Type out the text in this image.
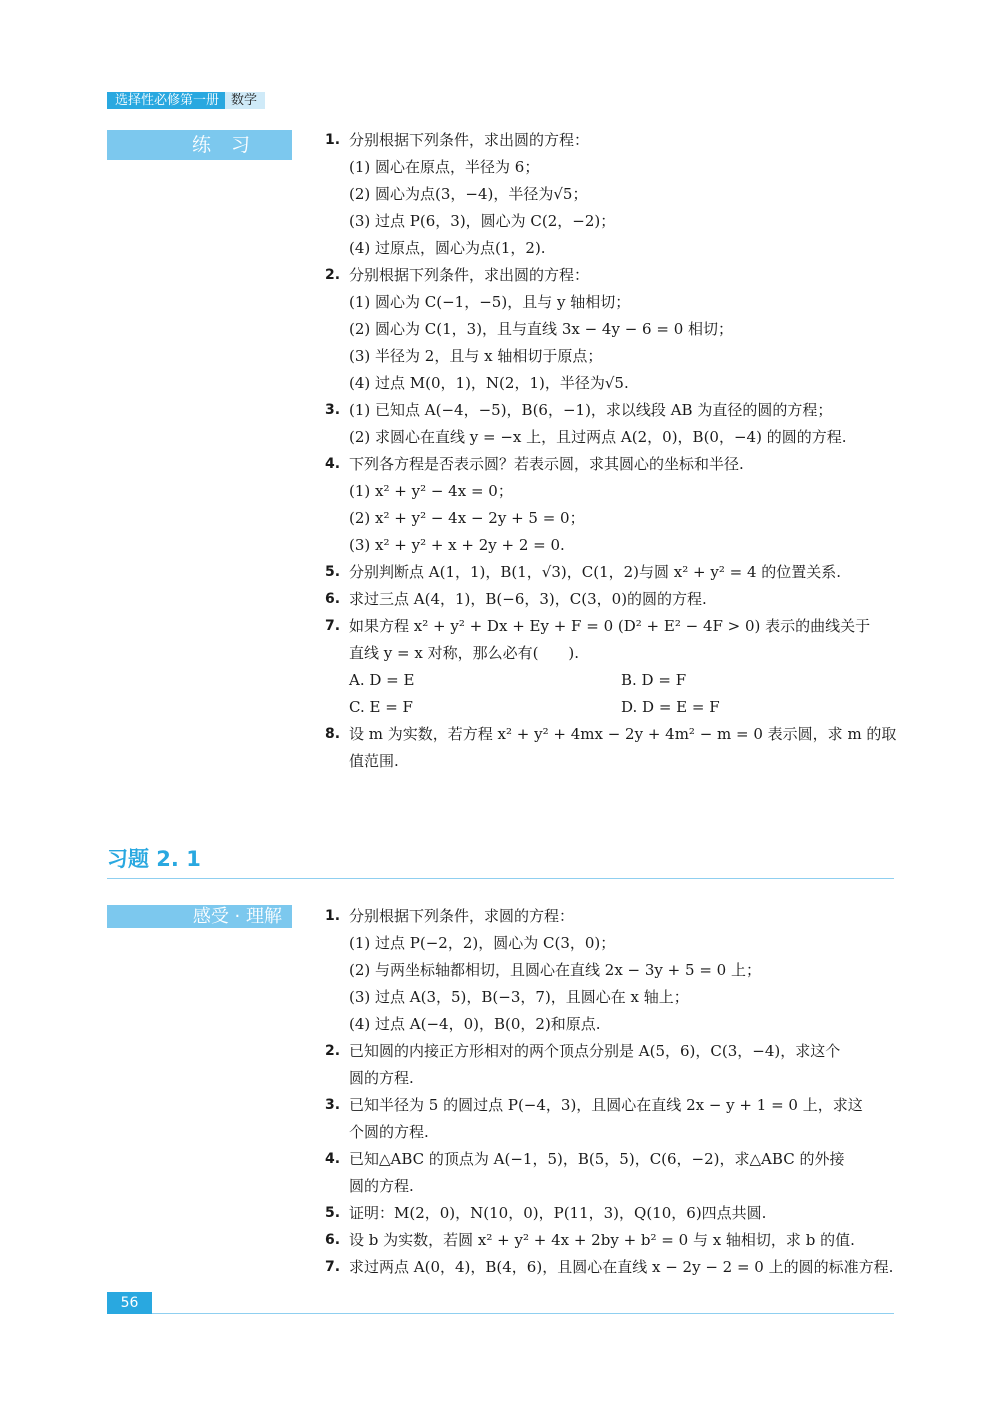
选择性必修第一册 数学
练习	1. 分别根据下列条件，求出圆的方程：
(1) 圆心在原点，半径为 6；
(2) 圆心为点(3，−4)，半径为√5；
(3) 过点 P(6，3)，圆心为 C(2，−2)；
(4) 过原点，圆心为点(1，2).
2. 分别根据下列条件，求出圆的方程：
(1) 圆心为 C(−1，−5)，且与 y 轴相切；
(2) 圆心为 C(1，3)，且与直线 3x − 4y − 6 = 0 相切；
(3) 半径为 2，且与 x 轴相切于原点；
(4) 过点 M(0，1)，N(2，1)，半径为√5.
3. (1) 已知点 A(−4，−5)，B(6，−1)，求以线段 AB 为直径的圆的方程；
(2) 求圆心在直线 y = −x 上，且过两点 A(2，0)，B(0，−4) 的圆的方程.
4. 下列各方程是否表示圆？若表示圆，求其圆心的坐标和半径.
(1) x² + y² − 4x = 0；
(2) x² + y² − 4x − 2y + 5 = 0；
(3) x² + y² + x + 2y + 2 = 0.
5. 分别判断点 A(1，1)，B(1，√3)，C(1，2)与圆 x² + y² = 4 的位置关系.
6. 求过三点 A(4，1)，B(−6，3)，C(3，0)的圆的方程.
7. 如果方程 x² + y² + Dx + Ey + F = 0 (D² + E² − 4F > 0) 表示的曲线关于
直线 y = x 对称，那么必有(　　).
A. D = E	B. D = F
C. E = F	D. D = E = F
8. 设 m 为实数，若方程 x² + y² + 4mx − 2y + 4m² − m = 0 表示圆，求 m 的取
值范围.
习题 2. 1
感受 · 理解	1. 分别根据下列条件，求圆的方程：
(1) 过点 P(−2，2)，圆心为 C(3，0)；
(2) 与两坐标轴都相切，且圆心在直线 2x − 3y + 5 = 0 上；
(3) 过点 A(3，5)，B(−3，7)，且圆心在 x 轴上；
(4) 过点 A(−4，0)，B(0，2)和原点.
2. 已知圆的内接正方形相对的两个顶点分别是 A(5，6)，C(3，−4)，求这个
圆的方程.
3. 已知半径为 5 的圆过点 P(−4，3)，且圆心在直线 2x − y + 1 = 0 上，求这
个圆的方程.
4. 已知△ABC 的顶点为 A(−1，5)，B(5，5)，C(6，−2)，求△ABC 的外接
圆的方程.
5. 证明：M(2，0)，N(10，0)，P(11，3)，Q(10，6)四点共圆.
6. 设 b 为实数，若圆 x² + y² + 4x + 2by + b² = 0 与 x 轴相切，求 b 的值.
7. 求过两点 A(0，4)，B(4，6)，且圆心在直线 x − 2y − 2 = 0 上的圆的标准方程.
56
